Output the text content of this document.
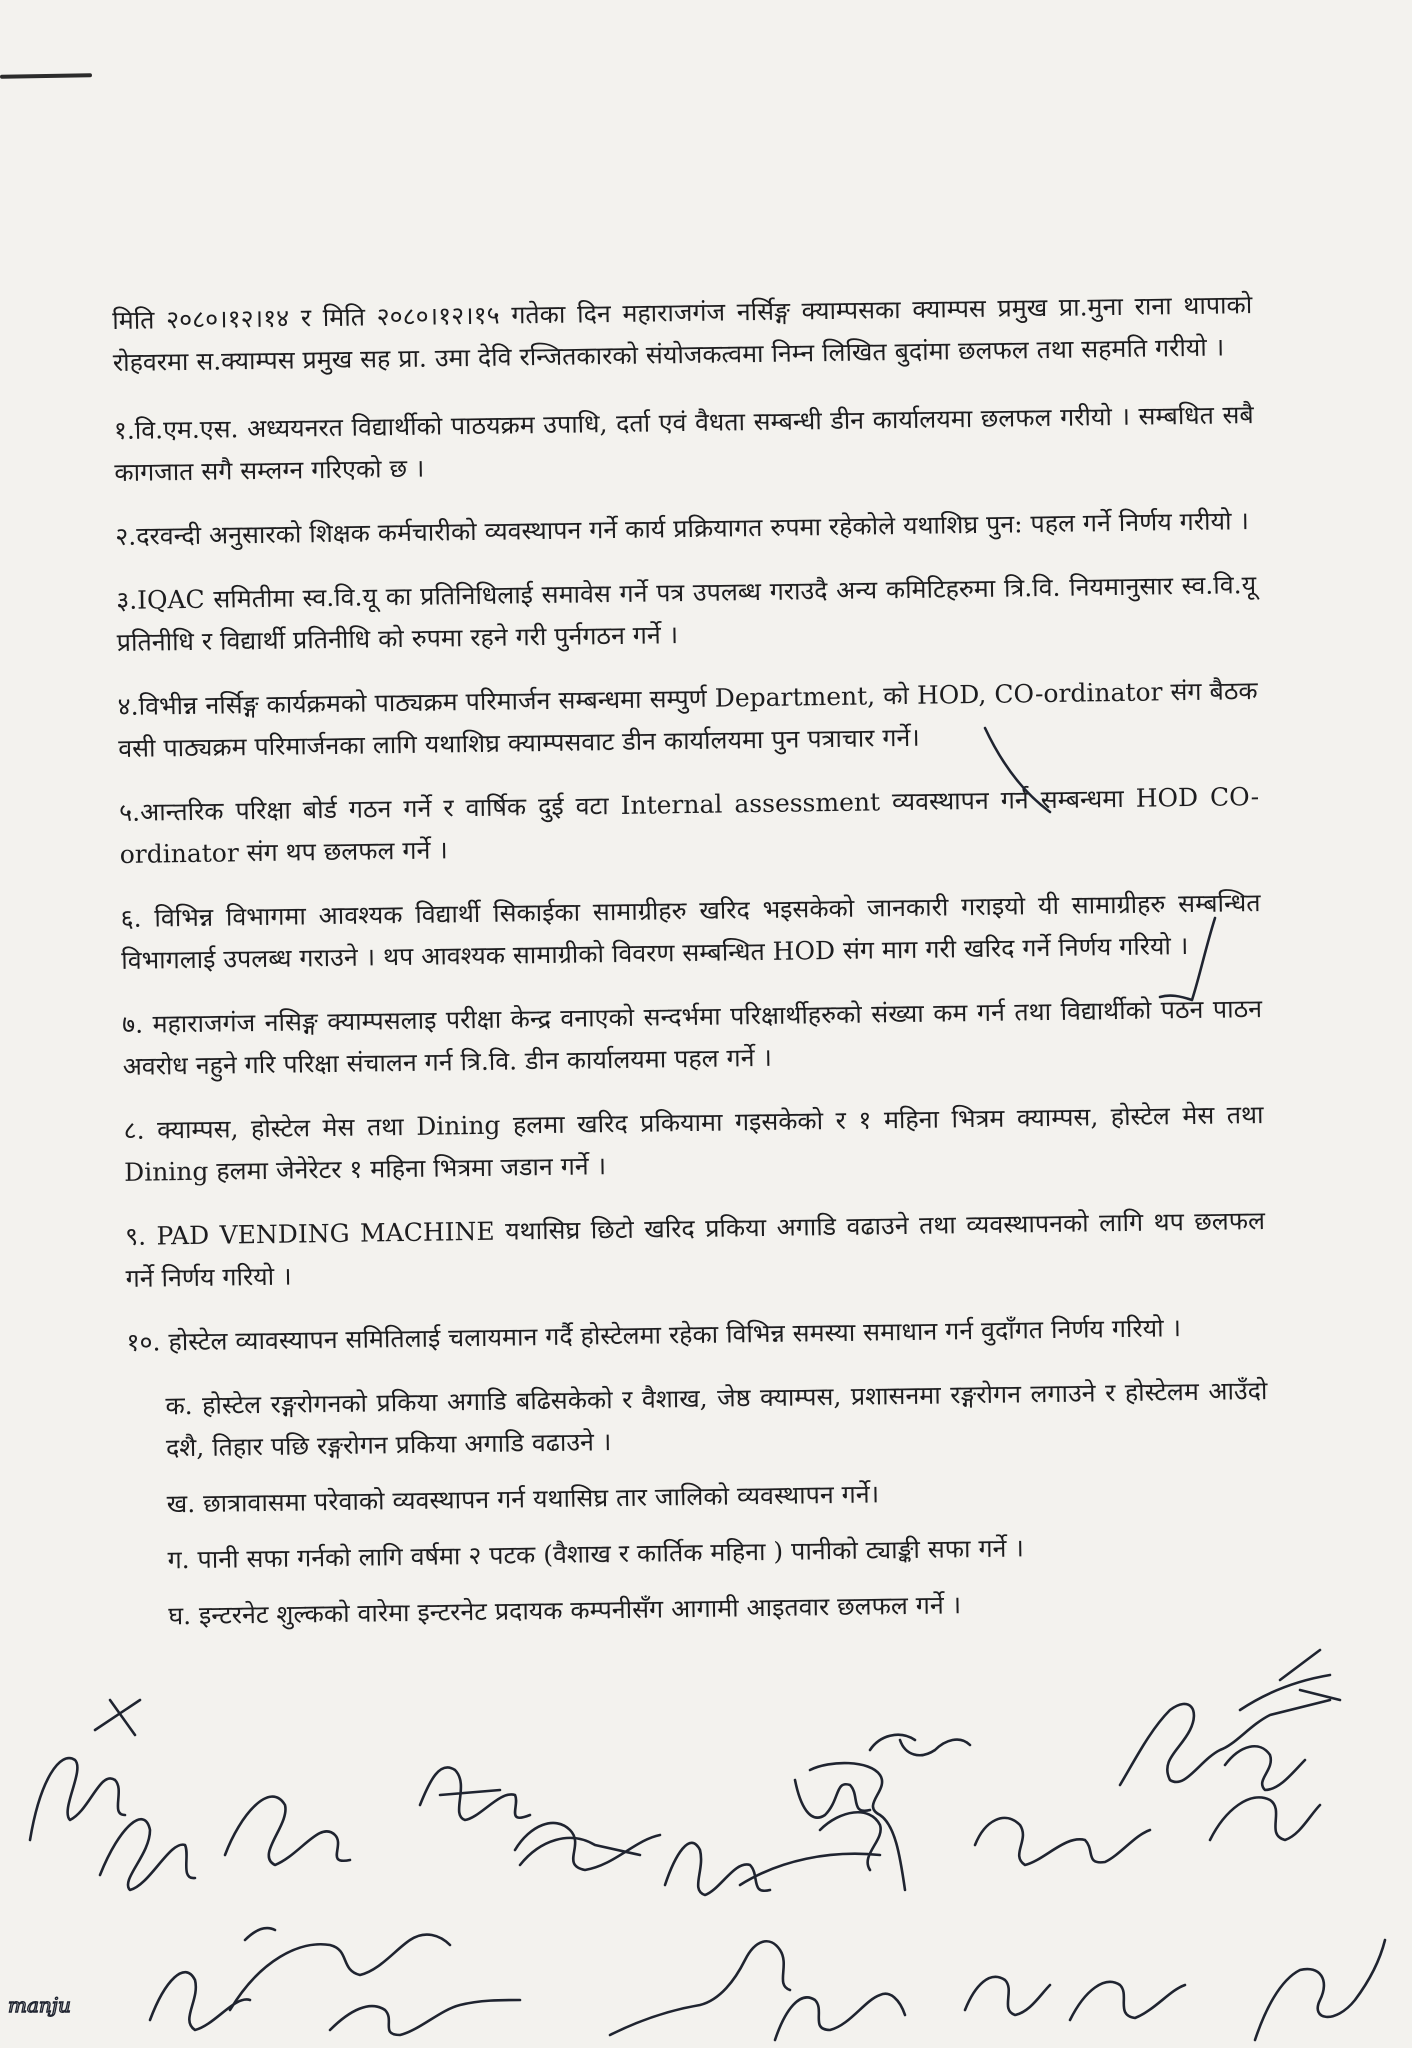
मिति २०८०।१२।१४ र मिति २०८०।१२।१५ गतेका दिन महाराजगंज नर्सिङ्ग क्याम्पसका क्याम्पस प्रमुख प्रा.मुना राना थापाको रोहवरमा स.क्याम्पस प्रमुख सह प्रा. उमा देवि रन्जितकारको संयोजकत्वमा निम्न लिखित बुदांमा छलफल तथा सहमति गरीयो ।

१.वि.एम.एस. अध्ययनरत विद्यार्थीको पाठयक्रम उपाधि, दर्ता एवं वैधता सम्बन्धी डीन कार्यालयमा छलफल गरीयो । सम्बधित सबै कागजात सगै सम्लग्न गरिएको छ ।

२.दरवन्दी अनुसारको शिक्षक कर्मचारीको व्यवस्थापन गर्ने कार्य प्रक्रियागत रुपमा रहेकोले यथाशिघ्र पुन: पहल गर्ने निर्णय गरीयो ।

३.IQAC समितीमा स्व.वि.यू का प्रतिनिधिलाई समावेस गर्ने पत्र उपलब्ध गराउदै अन्य कमिटिहरुमा त्रि.वि. नियमानुसार स्व.वि.यू प्रतिनीधि र विद्यार्थी प्रतिनीधि को रुपमा रहने गरी पुर्नगठन गर्ने ।

४.विभीन्न नर्सिङ्ग कार्यक्रमको पाठ्यक्रम परिमार्जन सम्बन्धमा सम्पुर्ण Department, को HOD, CO-ordinator संग बैठक वसी पाठ्यक्रम परिमार्जनका लागि यथाशिघ्र क्याम्पसवाट डीन कार्यालयमा पुन पत्राचार गर्ने।

५.आन्तरिक परिक्षा बोर्ड गठन गर्ने र वार्षिक दुई वटा Internal assessment व्यवस्थापन गर्न सम्बन्धमा HOD CO-ordinator संग थप छलफल गर्ने ।

६. विभिन्न विभागमा आवश्यक विद्यार्थी सिकाईका सामाग्रीहरु खरिद भइसकेको जानकारी गराइयो यी सामाग्रीहरु सम्बन्धित विभागलाई उपलब्ध गराउने । थप आवश्यक सामाग्रीको विवरण सम्बन्धित HOD संग माग गरी खरिद गर्ने निर्णय गरियो ।

७. महाराजगंज नसिङ्ग क्याम्पसलाइ परीक्षा केन्द्र वनाएको सन्दर्भमा परिक्षार्थीहरुको संख्या कम गर्न तथा विद्यार्थीको पठन पाठन अवरोध नहुने गरि परिक्षा संचालन गर्न त्रि.वि. डीन कार्यालयमा पहल गर्ने ।

८. क्याम्पस, होस्टेल मेस तथा Dining हलमा खरिद प्रकियामा गइसकेको र १ महिना भित्रम क्याम्पस, होस्टेल मेस तथा Dining हलमा जेनेरेटर १ महिना भित्रमा जडान गर्ने ।

९. PAD VENDING MACHINE यथासिघ्र छिटो खरिद प्रकिया अगाडि वढाउने तथा व्यवस्थापनको लागि थप छलफल गर्ने निर्णय गरियो ।

१०. होस्टेल व्यावस्यापन समितिलाई चलायमान गर्दै होस्टेलमा रहेका विभिन्न समस्या समाधान गर्न वुदाँगत निर्णय गरियो ।

क. होस्टेल रङ्गरोगनको प्रकिया अगाडि बढिसकेको र वैशाख, जेष्ठ क्याम्पस, प्रशासनमा रङ्गरोगन लगाउने र होस्टेलम आउँदो दशै, तिहार पछि रङ्गरोगन प्रकिया अगाडि वढाउने ।

ख. छात्रावासमा परेवाको व्यवस्थापन गर्न यथासिघ्र तार जालिको व्यवस्थापन गर्ने।

ग. पानी सफा गर्नको लागि वर्षमा २ पटक (वैशाख र कार्तिक महिना ) पानीको ट्याङ्की सफा गर्ने ।

घ. इन्टरनेट शुल्कको वारेमा इन्टरनेट प्रदायक कम्पनीसँग आगामी आइतवार छलफल गर्ने ।

manju
